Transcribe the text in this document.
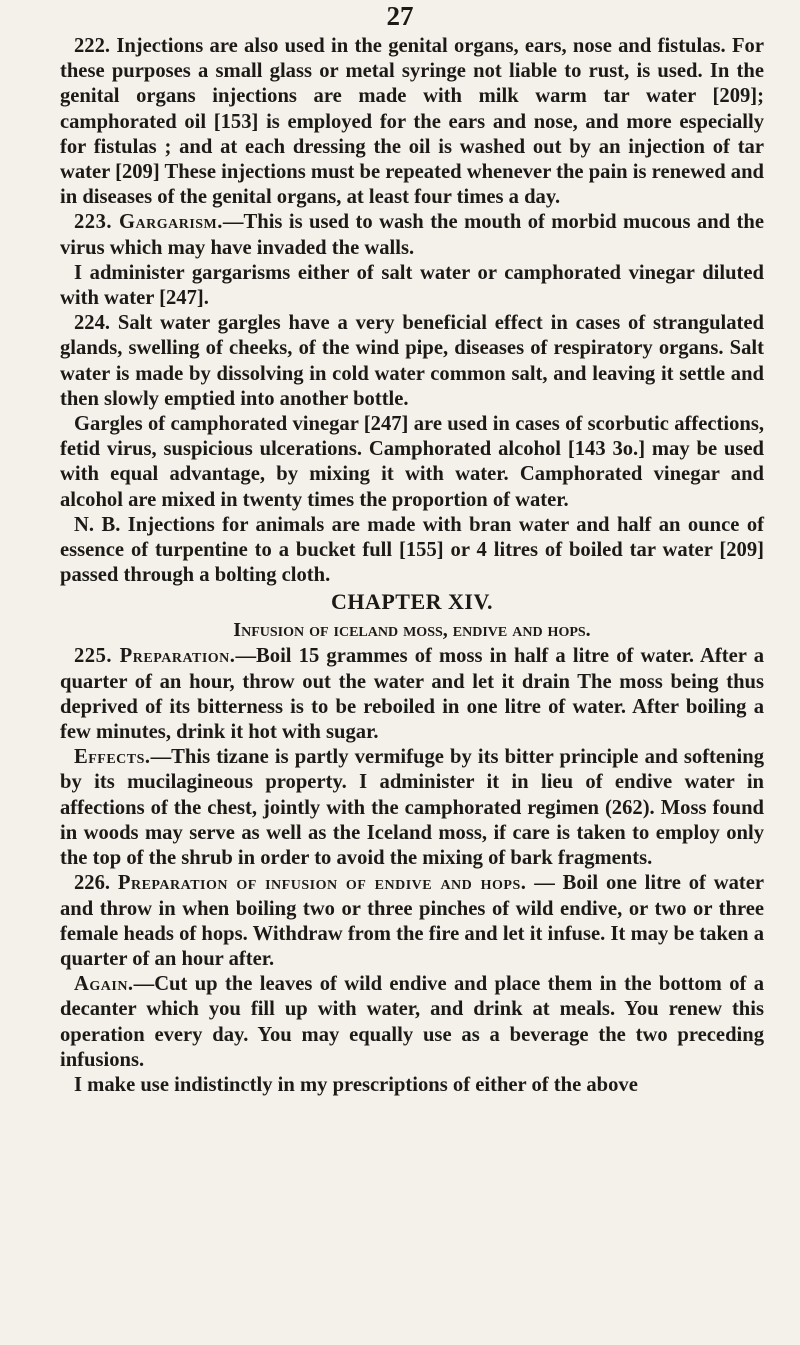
27

222. Injections are also used in the genital organs, ears, nose and fistulas. For these purposes a small glass or metal syringe not liable to rust, is used. In the genital organs injections are made with milk warm tar water [209]; camphorated oil [153] is employed for the ears and nose, and more especially for fistulas ; and at each dressing the oil is washed out by an injection of tar water [209] These injections must be repeated whenever the pain is renewed and in diseases of the genital organs, at least four times a day.

223. Gargarism.—This is used to wash the mouth of morbid mucous and the virus which may have invaded the walls.

I administer gargarisms either of salt water or camphorated vinegar diluted with water [247].

224. Salt water gargles have a very beneficial effect in cases of strangulated glands, swelling of cheeks, of the wind pipe, diseases of respiratory organs. Salt water is made by dissolving in cold water common salt, and leaving it settle and then slowly emptied into another bottle.

Gargles of camphorated vinegar [247] are used in cases of scorbutic affections, fetid virus, suspicious ulcerations. Camphorated alcohol [143 3o.] may be used with equal advantage, by mixing it with water. Camphorated vinegar and alcohol are mixed in twenty times the proportion of water.

N. B. Injections for animals are made with bran water and half an ounce of essence of turpentine to a bucket full [155] or 4 litres of boiled tar water [209] passed through a bolting cloth.

CHAPTER XIV.
Infusion of iceland moss, endive and hops.

225. Preparation.—Boil 15 grammes of moss in half a litre of water. After a quarter of an hour, throw out the water and let it drain The moss being thus deprived of its bitterness is to be reboiled in one litre of water. After boiling a few minutes, drink it hot with sugar.

Effects.—This tizane is partly vermifuge by its bitter principle and softening by its mucilagineous property. I administer it in lieu of endive water in affections of the chest, jointly with the camphorated regimen (262). Moss found in woods may serve as well as the Iceland moss, if care is taken to employ only the top of the shrub in order to avoid the mixing of bark fragments.

226. Preparation of infusion of endive and hops. — Boil one litre of water and throw in when boiling two or three pinches of wild endive, or two or three female heads of hops. Withdraw from the fire and let it infuse. It may be taken a quarter of an hour after.

Again.—Cut up the leaves of wild endive and place them in the bottom of a decanter which you fill up with water, and drink at meals. You renew this operation every day. You may equally use as a beverage the two preceding infusions.

I make use indistinctly in my prescriptions of either of the above
